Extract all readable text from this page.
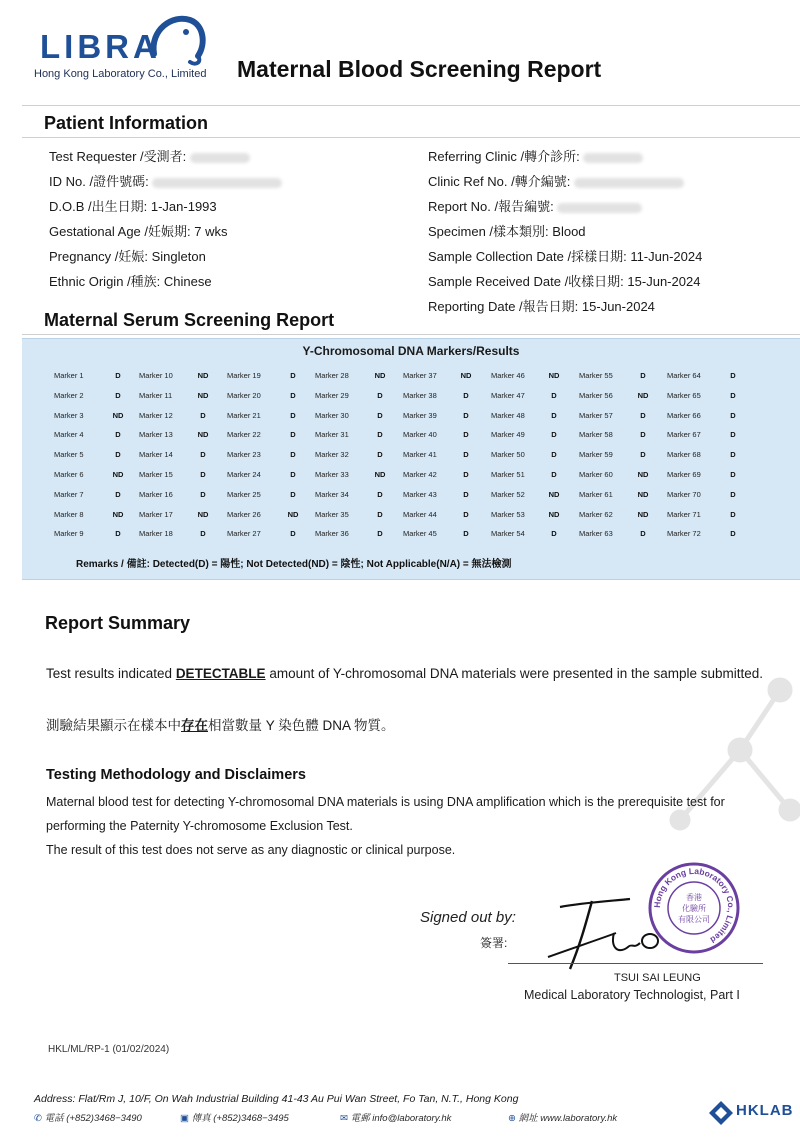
LIBRA
Hong Kong Laboratory Co., Limited Maternal Blood Screening Report
Patient Information
Test Requester /受測者:
ID No. /證件號碼:
D.O.B /出生日期: 1-Jan-1993
Gestational Age /妊娠期: 7 wks
Pregnancy /妊娠: Singleton
Ethnic Origin /種族: Chinese
Referring Clinic /轉介診所:
Clinic Ref No. /轉介編號:
Report No. /報告編號:
Specimen /樣本類別: Blood
Sample Collection Date /採樣日期: 11-Jun-2024
Sample Received Date /收樣日期: 15-Jun-2024
Reporting Date /報告日期: 15-Jun-2024
Maternal Serum Screening Report
Y-Chromosomal DNA Markers/Results
Marker 1	D
Marker 2	D
Marker 3	ND
Marker 4	D
Marker 5	D
Marker 6	ND
Marker 7	D
Marker 8	ND
Marker 9	D
Marker 10	ND
Marker 11	ND
Marker 12	D
Marker 13	ND
Marker 14	D
Marker 15	D
Marker 16	D
Marker 17	ND
Marker 18	D
Marker 19	D
Marker 20	D
Marker 21	D
Marker 22	D
Marker 23	D
Marker 24	D
Marker 25	D
Marker 26	ND
Marker 27	D
Marker 28	ND
Marker 29	D
Marker 30	D
Marker 31	D
Marker 32	D
Marker 33	ND
Marker 34	D
Marker 35	D
Marker 36	D
Marker 37	ND
Marker 38	D
Marker 39	D
Marker 40	D
Marker 41	D
Marker 42	D
Marker 43	D
Marker 44	D
Marker 45	D
Marker 46	ND
Marker 47	D
Marker 48	D
Marker 49	D
Marker 50	D
Marker 51	D
Marker 52	ND
Marker 53	ND
Marker 54	D
Marker 55	D
Marker 56	ND
Marker 57	D
Marker 58	D
Marker 59	D
Marker 60	ND
Marker 61	ND
Marker 62	ND
Marker 63	D
Marker 64	D
Marker 65	D
Marker 66	D
Marker 67	D
Marker 68	D
Marker 69	D
Marker 70	D
Marker 71	D
Marker 72	D
Remarks / 備註: Detected(D) = 陽性; Not Detected(ND) = 陰性; Not Applicable(N/A) = 無法檢測
Report Summary
Test results indicated DETECTABLE amount of Y-chromosomal DNA materials were presented in the sample submitted.
測驗結果顯示在樣本中存在相當數量 Y 染色體 DNA 物質。
Testing Methodology and Disclaimers
Maternal blood test for detecting Y-chromosomal DNA materials is using DNA amplification which is the prerequisite test for performing the Paternity Y-chromosome Exclusion Test.
The result of this test does not serve as any diagnostic or clinical purpose.
Signed out by:
簽署:
Hong Kong Laboratory Co., Limited
香港
化驗所
有限公司
TSUI SAI LEUNG
Medical Laboratory Technologist, Part I
HKL/ML/RP-1 (01/02/2024)
Address: Flat/Rm J, 10/F, On Wah Industrial Building 41-43 Au Pui Wan Street, Fo Tan, N.T., Hong Kong
✆ 電話 (+852)3468−3490	▣ 傳真 (+852)3468−3495	✉ 電郵 info@laboratory.hk	⊕ 網址 www.laboratory.hk	HKLAB
